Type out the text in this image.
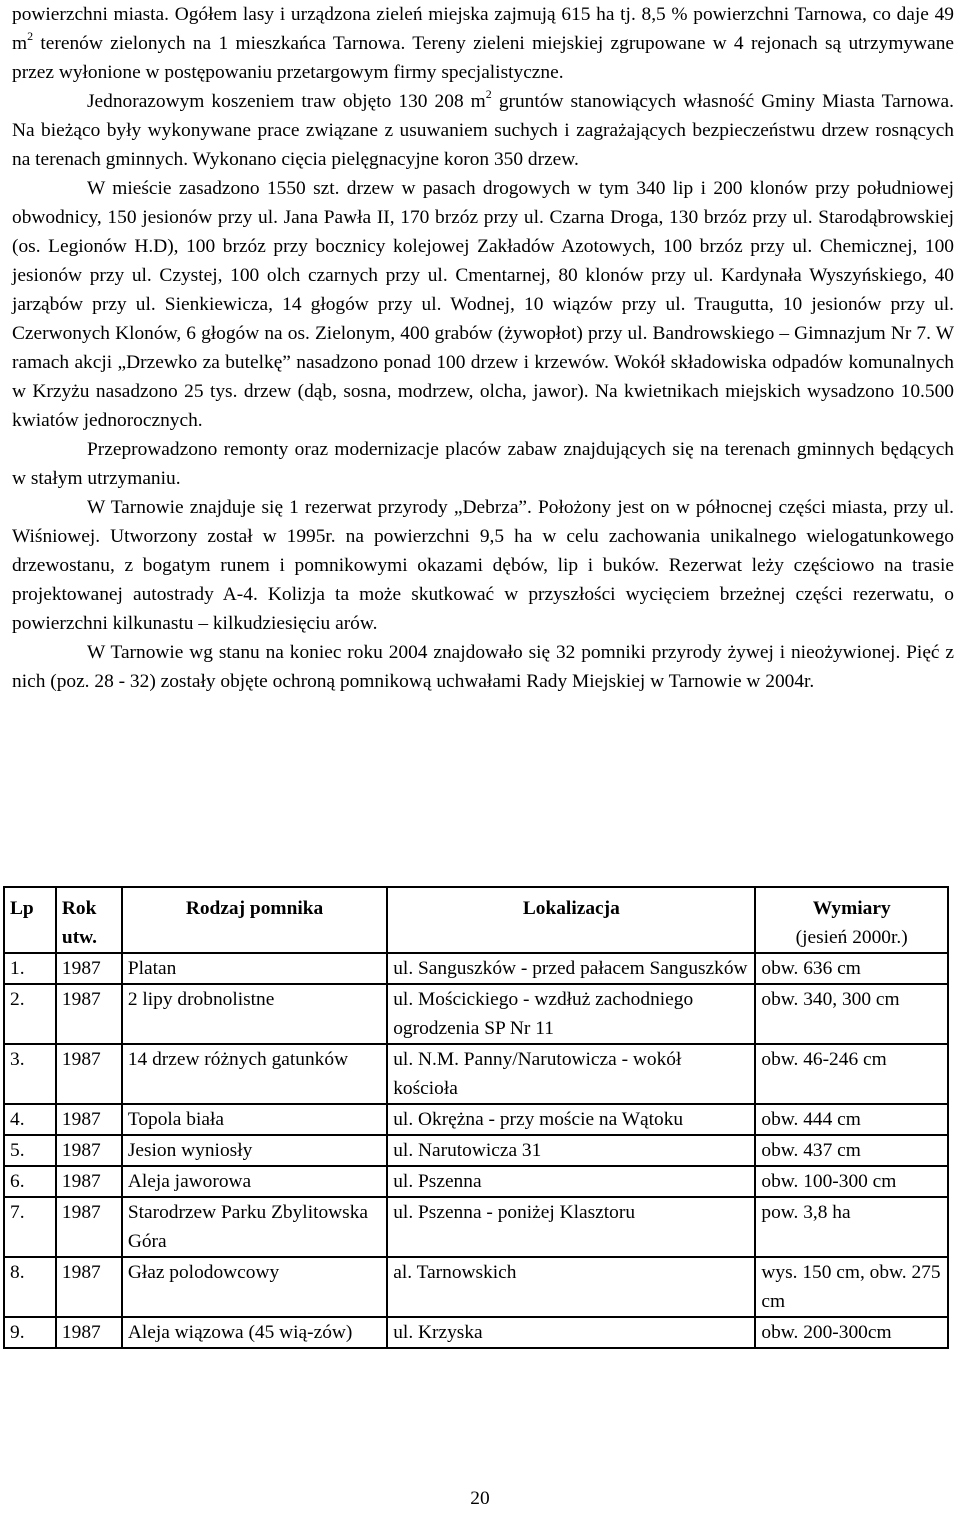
powierzchni miasta. Ogółem lasy i urządzona zieleń miejska zajmują 615 ha tj. 8,5 % powierzchni Tarnowa, co daje 49 $m^2$ terenów zielonych na 1 mieszkańca Tarnowa. Tereny zieleni miejskiej zgrupowane w 4 rejonach są utrzymywane przez wyłonione w postępowaniu przetargowym firmy specjalistyczne.

Jednorazowym koszeniem traw objęto 130 208 $m^2$ gruntów stanowiących własność Gminy Miasta Tarnowa. Na bieżąco były wykonywane prace związane z usuwaniem suchych i zagrażających bezpieczeństwu drzew rosnących na terenach gminnych. Wykonano cięcia pielęgnacyjne koron 350 drzew.

W mieście zasadzono 1550 szt. drzew w pasach drogowych w tym 340 lip i 200 klonów przy południowej obwodnicy, 150 jesionów przy ul. Jana Pawła II, 170 brzóz przy ul. Czarna Droga, 130 brzóz przy ul. Starodąbrowskiej (os. Legionów H.D), 100 brzóz przy bocznicy kolejowej Zakładów Azotowych, 100 brzóz przy ul. Chemicznej, 100 jesionów przy ul. Czystej, 100 olch czarnych przy ul. Cmentarnej, 80 klonów przy ul. Kardynała Wyszyńskiego, 40 jarząbów przy ul. Sienkiewicza, 14 głogów przy ul. Wodnej, 10 wiązów przy ul. Traugutta, 10 jesionów przy ul. Czerwonych Klonów, 6 głogów na os. Zielonym, 400 grabów (żywopłot) przy ul. Bandrowskiego – Gimnazjum Nr 7. W ramach akcji „Drzewko za butelkę” nasadzono ponad 100 drzew i krzewów. Wokół składowiska odpadów komunalnych w Krzyżu nasadzono 25 tys. drzew (dąb, sosna, modrzew, olcha, jawor). Na kwietnikach miejskich wysadzono 10.500 kwiatów jednorocznych.

Przeprowadzono remonty oraz modernizacje placów zabaw znajdujących się na terenach gminnych będących w stałym utrzymaniu.

W Tarnowie znajduje się 1 rezerwat przyrody „Debrza”. Położony jest on w północnej części miasta, przy ul. Wiśniowej. Utworzony został w 1995r. na powierzchni 9,5 ha w celu zachowania unikalnego wielogatunkowego drzewostanu, z bogatym runem i pomnikowymi okazami dębów, lip i buków. Rezerwat leży częściowo na trasie projektowanej autostrady A-4. Kolizja ta może skutkować w przyszłości wycięciem brzeżnej części rezerwatu, o powierzchni kilkunastu – kilkudziesięciu arów.

W Tarnowie wg stanu na koniec roku 2004 znajdowało się 32 pomniki przyrody żywej i nieożywionej. Pięć z nich (poz. 28 - 32) zostały objęte ochroną pomnikową uchwałami Rady Miejskiej w Tarnowie w 2004r.

Lp	Rok utw.	Rodzaj pomnika	Lokalizacja	Wymiary
(jesień 2000r.)
1.	1987	Platan	ul. Sanguszków - przed pałacem Sanguszków	obw. 636 cm
2.	1987	2 lipy drobnolistne	ul. Mościckiego - wzdłuż zachodniego ogrodzenia SP Nr 11	obw. 340, 300 cm
3.	1987	14 drzew różnych gatunków	ul. N.M. Panny/Narutowicza - wokół kościoła	obw. 46-246 cm
4.	1987	Topola biała	ul. Okrężna - przy moście na Wątoku	obw. 444 cm
5.	1987	Jesion wyniosły	ul. Narutowicza 31	obw. 437 cm
6.	1987	Aleja jaworowa	ul. Pszenna	obw. 100-300 cm
7.	1987	Starodrzew Parku Zbylitowska Góra	ul. Pszenna - poniżej Klasztoru	pow. 3,8 ha
8.	1987	Głaz polodowcowy	al. Tarnowskich	wys. 150 cm, obw. 275 cm
9.	1987	Aleja wiązowa (45 wią-zów)	ul. Krzyska	obw. 200-300cm
20
